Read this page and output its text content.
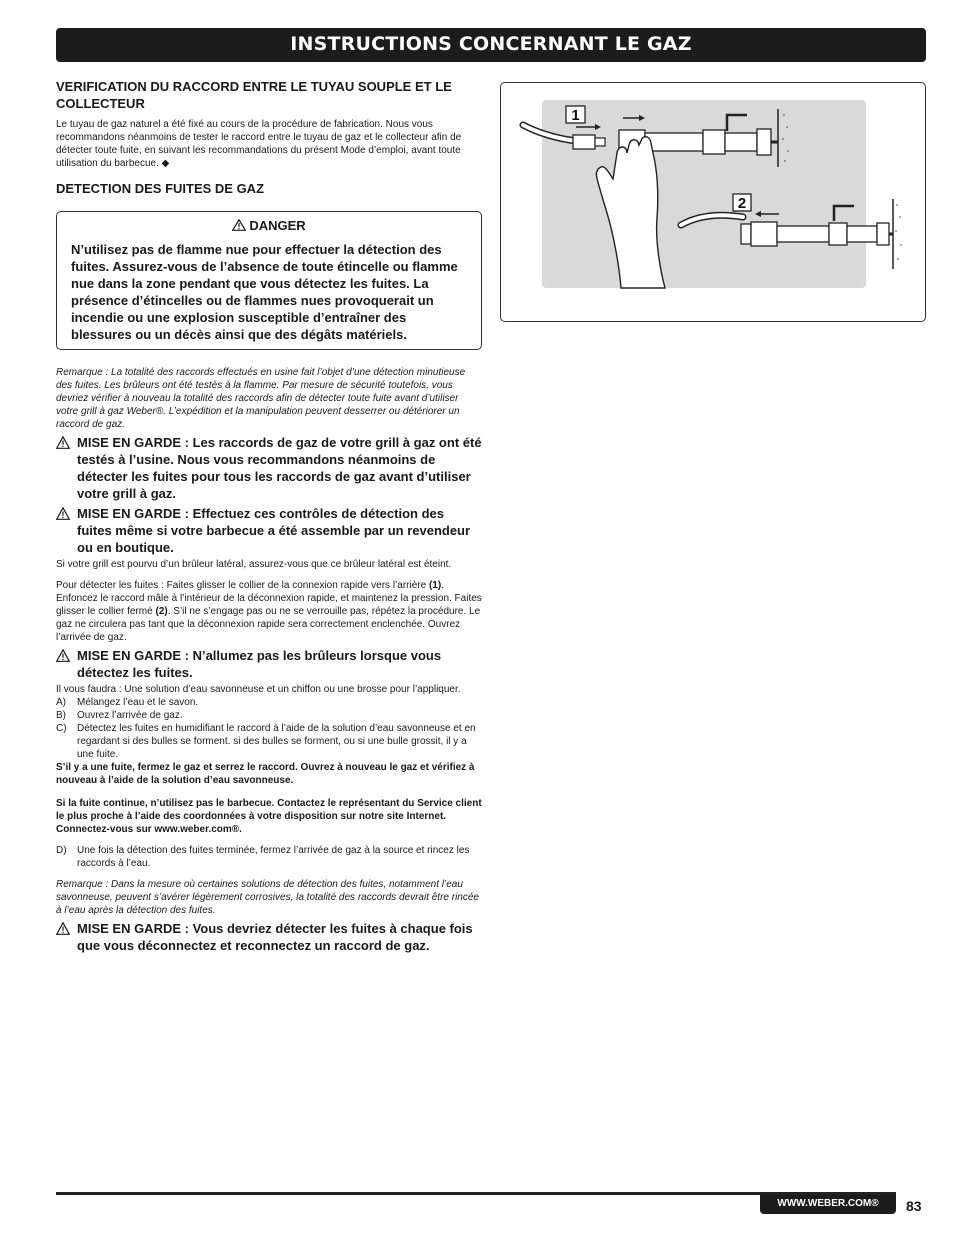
INSTRUCTIONS CONCERNANT LE GAZ
VERIFICATION DU RACCORD ENTRE LE TUYAU SOUPLE ET LE COLLECTEUR
Le tuyau de gaz naturel a été fixé au cours de la procédure de fabrication. Nous vous recommandons néanmoins de tester le raccord entre le tuyau de gaz et le collecteur afin de détecter toute fuite, en suivant les recommandations du présent Mode d’emploi, avant toute utilisation du barbecue. ◆
DETECTION DES FUITES DE GAZ
DANGER
N’utilisez pas de flamme nue pour effectuer la détection des fuites. Assurez-vous de l’absence de toute étincelle ou flamme nue dans la zone pendant que vous détectez les fuites. La présence d’étincelles ou de flammes nues provoquerait un incendie ou une explosion susceptible d’entraîner des blessures ou un décès ainsi que des dégâts matériels.
Remarque : La totalité des raccords effectués en usine fait l’objet d’une détection minutieuse des fuites. Les brûleurs ont été testés à la flamme. Par mesure de sécurité toutefois, vous devriez vérifier à nouveau la totalité des raccords afin de détecter toute fuite avant d’utiliser votre grill à gaz Weber®. L’expédition et la manipulation peuvent desserrer ou détériorer un raccord de gaz.
MISE EN GARDE : Les raccords de gaz de votre grill à gaz ont été testés à l’usine. Nous vous recommandons néanmoins de détecter les fuites pour tous les raccords de gaz avant d’utiliser votre grill à gaz.
MISE EN GARDE : Effectuez ces contrôles de détection des fuites même si votre barbecue a été assemble par un revendeur ou en boutique.
Si votre grill est pourvu d’un brûleur latéral, assurez-vous que ce brûleur latéral est éteint.
Pour détecter les fuites : Faites glisser le collier de la connexion rapide vers l’arrière (1). Enfoncez le raccord mâle à l’intérieur de la déconnexion rapide, et maintenez la pression. Faites glisser le collier fermé (2). S’il ne s’engage pas ou ne se verrouille pas, répétez la procédure. Le gaz ne circulera pas tant que la déconnexion rapide sera correctement enclenchée. Ouvrez l’arrivée de gaz.
MISE EN GARDE : N’allumez pas les brûleurs lorsque vous détectez les fuites.
Il vous faudra : Une solution d’eau savonneuse et un chiffon ou une brosse pour l’appliquer.
A) Mélangez l’eau et le savon.
B) Ouvrez l’arrivée de gaz.
C) Détectez les fuites en humidifiant le raccord à l’aide de la solution d’eau savonneuse et en regardant si des bulles se forment. si des bulles se forment, ou si une bulle grossit, il y a une fuite.
S’il y a une fuite, fermez le gaz et serrez le raccord. Ouvrez à nouveau le gaz et vérifiez à nouveau à l’aide de la solution d’eau savonneuse.
Si la fuite continue, n’utilisez pas le barbecue. Contactez le représentant du Service client le plus proche à l’aide des coordonnées à votre disposition sur notre site Internet. Connectez-vous sur www.weber.com®.
D) Une fois la détection des fuites terminée, fermez l’arrivée de gaz à la source et rincez les raccords à l’eau.
Remarque : Dans la mesure où certaines solutions de détection des fuites, notamment l’eau savonneuse, peuvent s’avérer légèrement corrosives, la totalité des raccords devrait être rincée à l’eau après la détection des fuites.
MISE EN GARDE : Vous devriez détecter les fuites à chaque fois que vous déconnectez et reconnectez un raccord de gaz.
1
2
WWW.WEBER.COM®	83
